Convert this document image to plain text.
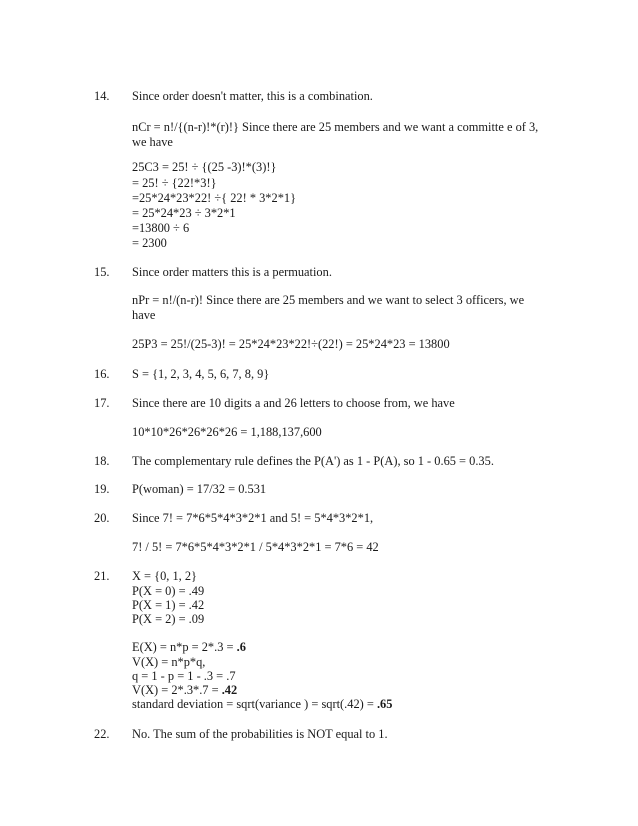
14. Since order doesn't matter, this is a combination.
nCr = n!/{(n-r)!*(r)!} Since there are 25 members and we want a committe e of 3,
we have
25C3 = 25! ÷ {(25 -3)!*(3)!}
= 25! ÷ {22!*3!}
=25*24*23*22! ÷{ 22! * 3*2*1}
= 25*24*23 ÷ 3*2*1
=13800 ÷ 6
= 2300
15. Since order matters this is a permuation.
nPr = n!/(n-r)! Since there are 25 members and we want to select 3 officers, we
have
25P3 = 25!/(25-3)! = 25*24*23*22!÷(22!) = 25*24*23 = 13800
16. S = {1, 2, 3, 4, 5, 6, 7, 8, 9}
17. Since there are 10 digits a and 26 letters to choose from, we have
10*10*26*26*26*26 = 1,188,137,600
18. The complementary rule defines the P(A') as 1 - P(A), so 1 - 0.65 = 0.35.
19. P(woman) = 17/32 = 0.531
20. Since 7! = 7*6*5*4*3*2*1 and 5! = 5*4*3*2*1,
7! / 5! = 7*6*5*4*3*2*1 / 5*4*3*2*1 = 7*6 = 42
21. X = {0, 1, 2}
P(X = 0) = .49
P(X = 1) = .42
P(X = 2) = .09
E(X) = n*p = 2*.3 = .6
V(X) = n*p*q,
q = 1 - p = 1 - .3 = .7
V(X) = 2*.3*.7 = .42
standard deviation = sqrt(variance ) = sqrt(.42) = .65
22. No. The sum of the probabilities is NOT equal to 1.
